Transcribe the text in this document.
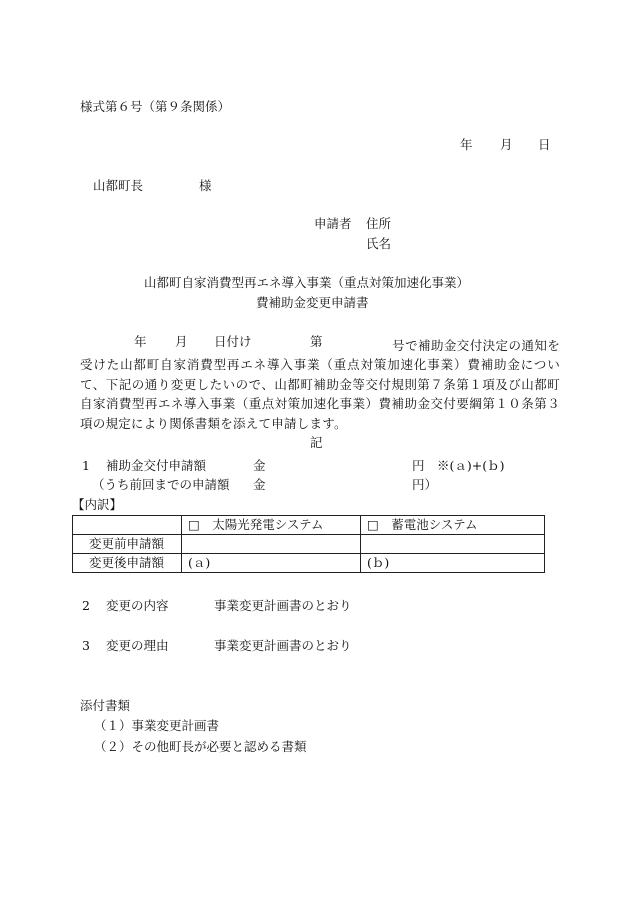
様式第６号（第９条関係）
年 月 日
山都町長	様
申請者 住所
氏名
山都町自家消費型再エネ導入事業（重点対策加速化事業）
費補助金変更申請書
年 月 日付け	第	号で補助金交付決定の通知を受けた山都町自家消費型再エネ導入事業（重点対策加速化事業）費補助金について、下記の通り変更したいので、山都町補助金等交付規則第７条第１項及び山都町自家消費型再エネ導入事業（重点対策加速化事業）費補助金交付要綱第１０条第３項の規定により関係書類を添えて申請します。
記
1 補助金交付申請額	金	円 ※(ａ)+(ｂ)
（うち前回までの申請額 金	円）
【内訳】
	□　太陽光発電システム	□　蓄電池システム
変更前申請額		
変更後申請額	(ａ)	(ｂ)
2 変更の内容	事業変更計画書のとおり
3 変更の理由	事業変更計画書のとおり
添付書類
（１）事業変更計画書
（２）その他町長が必要と認める書類
